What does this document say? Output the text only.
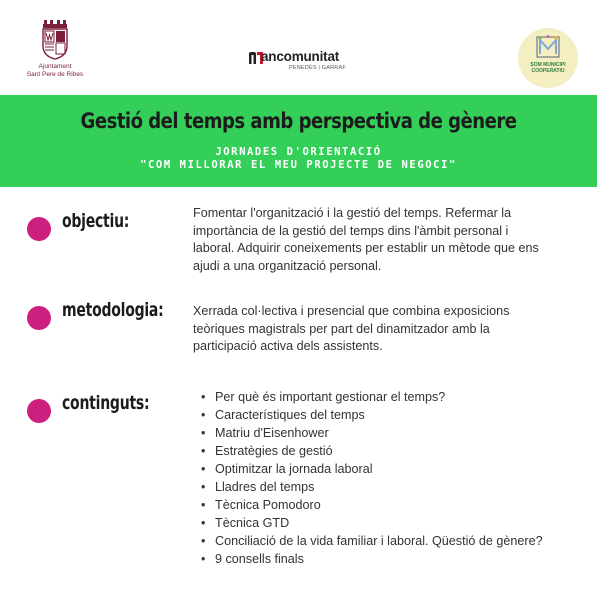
Ajuntament
Sant Pere de Ribes
ancomunitat
PENEDÈS | GARRAF	SOM MUNICIPI
COOPERATIU
Gestió del temps amb perspectiva de gènere
JORNADES D'ORIENTACIÓ
"COM MILLORAR EL MEU PROJECTE DE NEGOCI"
objectiu:	Fomentar l'organització i la gestió del temps. Refermar la importància de la gestió del temps dins l'àmbit personal i laboral. Adquirir coneixements per establir un mètode que ens ajudi a una organització personal.
metodologia: Xerrada col·lectiva i presencial que combina exposicions teòriques magistrals per part del dinamitzador amb la participació activa dels assistents.
continguts:
•	Per què és important gestionar el temps?
• Característiques del temps
• Matriu d'Eisenhower
• Estratègies de gestió
• Optimitzar la jornada laboral
• Lladres del temps
• Tècnica Pomodoro
• Tècnica GTD
• Conciliació de la vida familiar i laboral. Qüestió de gènere?
• 9 consells finals
